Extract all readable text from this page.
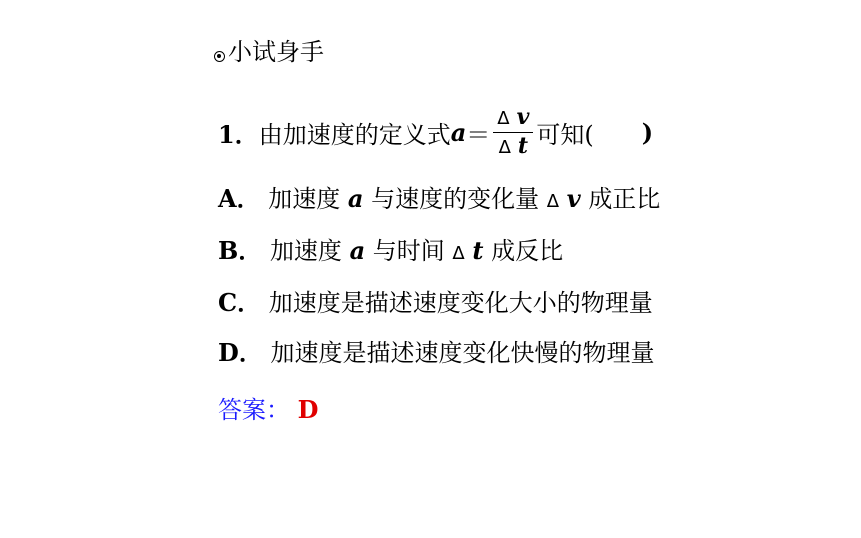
小试身手
1． 由加速度的定义式 $a = \frac{\text{Δ v}}{\text{Δ t}}$ 可知( )
A． 加速度 a 与速度的变化量 Δ v 成正比
B． 加速度 a 与时间 Δ t 成反比
C． 加速度是描述速度变化大小的物理量
D． 加速度是描述速度变化快慢的物理量
答案： D
